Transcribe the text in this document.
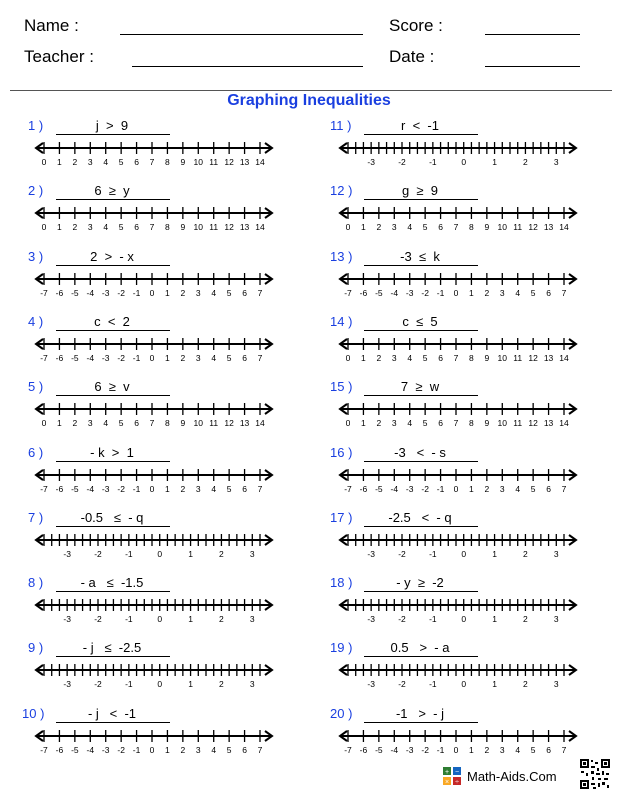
Name :	Score :
Teacher :	Date :
Graphing Inequalities
1 )	j  >  9
0 1 2 3 4 5 6 7 8 9 10 11 12 13 14
2 )	6  ≥  y
0 1 2 3 4 5 6 7 8 9 10 11 12 13 14
3 )	2  >  - x
-7 -6 -5 -4 -3 -2 -1 0 1 2 3 4 5 6 7
4 )	c  <  2
-7 -6 -5 -4 -3 -2 -1 0 1 2 3 4 5 6 7
5 )	6  ≥  v
0 1 2 3 4 5 6 7 8 9 10 11 12 13 14
6 )	- k  >  1
-7 -6 -5 -4 -3 -2 -1 0 1 2 3 4 5 6 7
7 )	-0.5   ≤  - q
-3	-2	-1	0	1	2	3
8 )	- a   ≤  -1.5
-3	-2	-1	0	1	2	3
9 )	- j   ≤  -2.5
-3	-2	-1	0	1	2	3
10 )	- j   <  -1
-7 -6 -5 -4 -3 -2 -1 0 1 2 3 4 5 6 7
11 )	r  <  -1
-3	-2	-1	0	1	2	3
12 )	g  ≥  9
0 1 2 3 4 5 6 7 8 9 10 11 12 13 14
13 )	-3  ≤  k
-7 -6 -5 -4 -3 -2 -1 0 1 2 3 4 5 6 7
14 )	c  ≤  5
0 1 2 3 4 5 6 7 8 9 10 11 12 13 14
15 )	7  ≥  w
0 1 2 3 4 5 6 7 8 9 10 11 12 13 14
16 )	-3   <  - s
-7 -6 -5 -4 -3 -2 -1 0 1 2 3 4 5 6 7
17 )	-2.5   <  - q
-3	-2	-1	0	1	2	3
18 )	- y  ≥  -2
-3	-2	-1	0	1	2	3
19 )	0.5   >  - a
-3	-2	-1	0	1	2	3
20 )	-1   >  - j
-7 -6 -5 -4 -3 -2 -1 0 1 2 3 4 5 6 7
+ −
× ÷ Math-Aids.Com
